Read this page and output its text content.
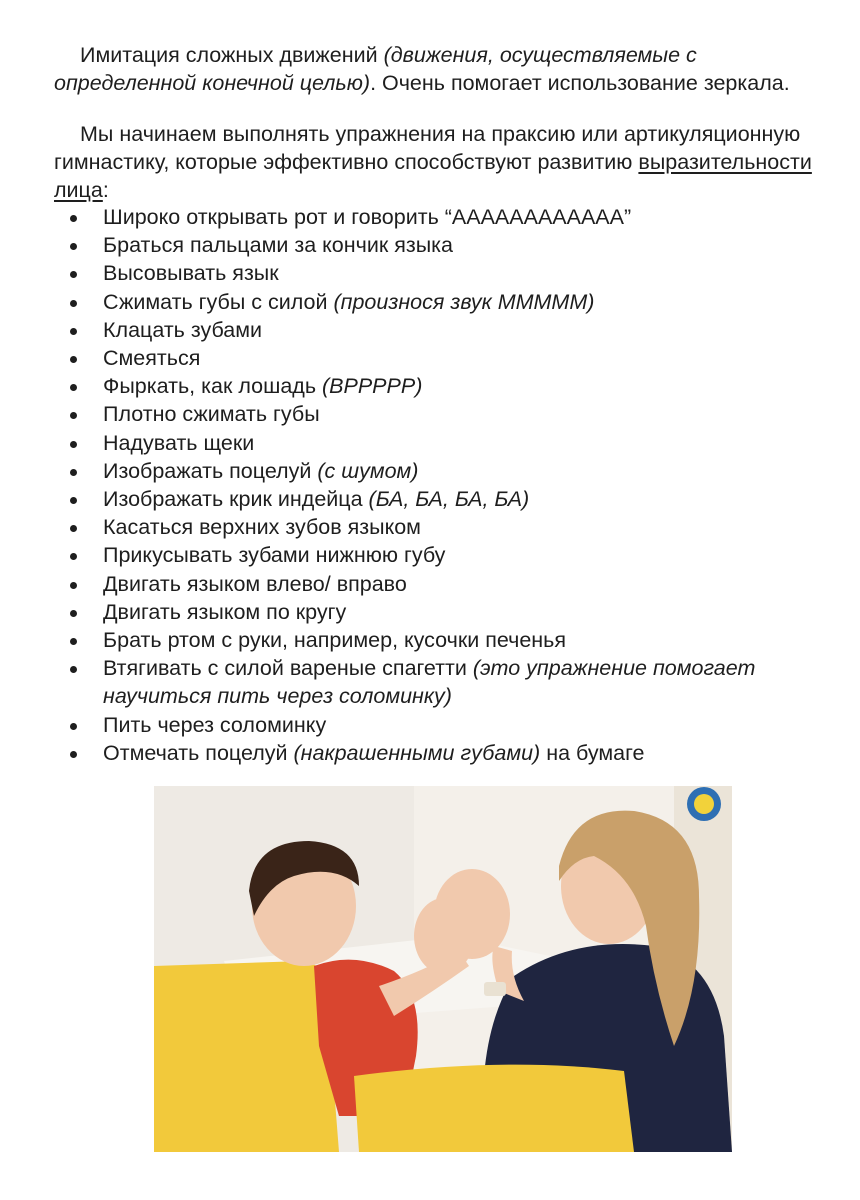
Имитация сложных движений (движения, осуществляемые с определенной конечной целью). Очень помогает использование зеркала.

Мы начинаем выполнять упражнения на праксию или артикуляционную гимнастику, которые эффективно способствуют развитию выразительности лица:

Широко открывать рот и говорить “АААААААААААА”
Браться пальцами за кончик языка
Высовывать язык
Сжимать губы с силой (произнося звук МММММ)
Клацать зубами
Смеяться
Фыркать, как лошадь (BPPPPP)
Плотно сжимать губы
Надувать щеки
Изображать поцелуй (с шумом)
Изображать крик индейца (БА, БА, БА, БА)
Касаться верхних зубов языком
Прикусывать зубами нижнюю губу
Двигать языком влево/ вправо
Двигать языком по кругу
Брать ртом с руки, например, кусочки печенья
Втягивать с силой вареные спагетти (это упражнение помогает научиться пить через соломинку)
Пить через соломинку
Отмечать поцелуй (накрашенными губами) на бумаге
